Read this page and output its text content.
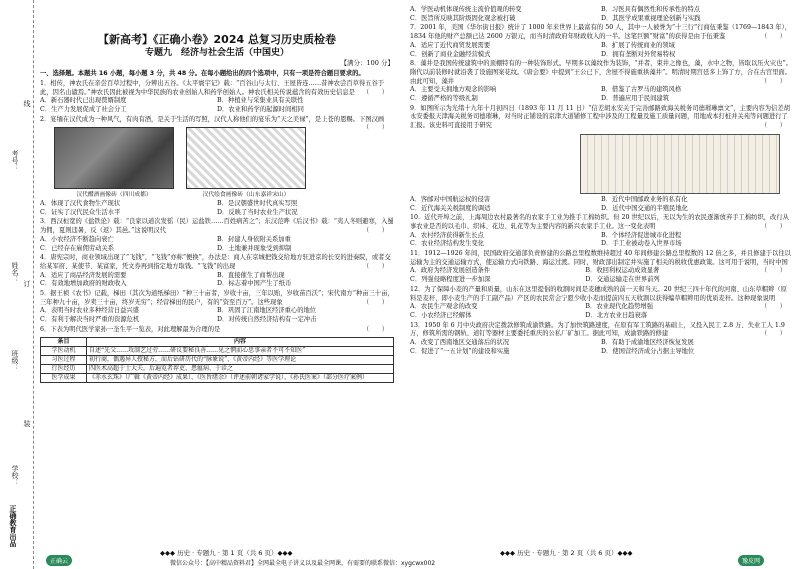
考号：
姓名：
班级：
学校：
线
订
装
正确教育出品
【新高考】《正确小卷》2024 总复习历史质检卷
专题九　经济与社会生活（中国史）
【满分：100 分】

一、选择题。本题共 16 小题，每小题 3 分，共 48 分。在每小题给出的四个选项中，只有一项是符合题目要求的。

1．相传，神农氏在亲尝百草过程中，分辨出五谷。《太平寰宇记》载：“百谷山与太行、王屋皆连……昔神农尝百草得五谷于此，因名山谴焉。”神农氏因此被视为中华民族的农业创始人和药学创始人。神农氏相关传说蕴含的有效历史信息是 （　　）

A．新石器时代已出现赘婿制度	B．种植业与采集业具有关联性
C．生产力发展促成了社会分工	D．农业和药学的起源时间相同

2．宴缅在汉代成为一种风气，有肉有酒，是关于生活的写照，汉代人称他们的宴乐为“天之美禄”，是上苍的恩赐。下图汉画
（　　）

汉代醴酒画像砖（四川成都）	汉代绘食画像砖（山东嘉祥宋山）
A．体现了汉代食物生产现状	B．是汉朝盛世时代真实写照
C．证实了汉代民众生活水平	D．反映了当时农业生产状况

3．西汉桓宽的《盐铁论》载：“良家以道次发徭（民）运盐铁……百姓病苦之”；东汉范晔《后汉书》载：“夷人冬则避寒，入蜀为佣，夏则违暑，反（返）其邑。”这说明汉代	（　　）

A．小农经济不断趋向衰亡	B．封建人身依附关系加重
C．已经存在雇佣劳动关系	D．土地兼并现象受到抑制

4．唐宪宗时，商业领域出现了“飞钱”，“飞钱”亦称“便换”，办法是：商人在京城把钱交给地方驻进京的长安的进奏院，或者交给某军府、某使节、某富家，凭文券再到指定地方取钱。“飞钱”的出现	（　　）

A．适应了商品经济发展的需要	B．直接催生了商帮出现
C．有效地增加政府的财政收入	D．标志着中国产生了纸币

5．据王祯《农书》记载，梯田（其次为道纸梯田）“种三十亩者，岁收十亩，三年以贻，岁收苗百沃”；宋代南方“种亩三十亩，三年种九十亩，岁卖三十亩，终岁无穷”；经营梯田的民户，有的“资至百万”。这些现象	（　　）

A．表明当时农业多种经营日益兴盛	B．巩固了江南地区经济重心的地位
C．有利于解决当时严重的资源危机	D．对传统自然经济结构有一定冲击

6．下表为明代医学家孙一奎生平一览表，对此理解最为合理的是	（　　）

条目	内容
学医动机	自述“先父……攻制艺过劳……研议要秘良善……见之惘而心思事亲者不可不知医”
习医过程	初行商，偶遇异人授秘方，而后钻研历代的“脉象说”、《黄帝内经》等医学理论
行医经历	四医术高超于士大夫，后遍览者荐吏、患瘟病、于诊之
医学成果	《赤水玄珠》（广辑《黄帝内经》成果）、《医旨绪余》（评述前朝诸家学说）、《孙氏医案》（部分医疗案例）
A．学医动机体现传统主流价值观的转变	B．习医具有偶然性和传承性的特点
C．医旨所反映其阶级固化观念被打破	D．其医学成果重视理论创新与实践

7．2001 年，美国《华尔街日报》统计了 1000 年来世界上最富有的 50 人，其中一人被誉为“十三行”行商伍秉鉴（1769—1843 年），1834 年他的财产总额已达 2600 万银元，而当时清政府年财政收入的一半。这笔巨额“财富”的获得是由于伍秉鉴	（　　）

A．适应了近代商贸发展需要	B．扩展了传统商业的领域
C．创新了商业金融经营模式	D．拥有垄断对外贸易特权

8．藻井是我国传统建筑中的顶棚特有的一种装饰形式。早期多以藻纹作为装饰，“并者，束井之像也，藻，水中之物，皆取以压火灾也”。隋代以前装修时就沿袭了设施图案花纹。《唐会要》中提到“王公已下，舍屋不得施重拱藻井”。明清时期宫廷多上饰了方，合在古宫里面。由此可知，藻井	（　　）

A．主要受天拥地方观念的影响	B．借鉴了古罗马的建筑风格
C．遵循严格的等级礼制	D．普遍应用于民间建筑

9．如图所示为光绪十九年十月初四日（1893 年 11 月 11 日）“信差胡永安关于完善邮路致海关税务司德璀琳禀文”，主要内容为信差胡永安委报天津海关税务司德璀琳，对当时正铺设的京津大道铺修工程中涉及的工程量及施工质量问题，用地成本打桩并关苑等问题进行了汇报。该史料可直接用于研究	（　　）

A．客邮对中国航运权的侵害	B．近代中国邮政业务的私有化
C．近代海关关税制度的调适	D．近代中国交通的半殖民地化

10．近代开埠之前，上海周边农村最著名的农家手工业为推手工棉纺织。但 20 世纪以后，无以为生的农民逐渐放弃手工棉纺织，改行从事农业是否的以毛巾、织袜、花边、轧花等为主要内容的新兴农家手工业。这一变化表明	（　　）

A．农村经济获得新生长点	B．个体经济促进城市化进程
C．农业经济结构发生变化	D．手工业被动卷入世界市场

11．1912—1926 年间，民国政府交通部负责修建的公路总里程数维持超过 40 年间修建公路总里程数的 12 倍之多，并且修建于以往以运输为主的交通运输方式，使运输方式向铁路、海运过渡。同时，财政部出制定并实施了相关的税收优惠政策。这可用于说明，当时中国
（　　）

A．政府为经济发展创造条件	B．收回利权运动成效显著
C．列强侵略程度进一步加深	D．交通运输走在世界前列

12．为了保障小麦的产量和质量，山东在这里提倡的收割时间是麦穗成熟的前一天和当天。20 世纪三四十年代的河南、山东草帽辫（原料是麦秆，即小麦生产的手工副产品）产区的农民常会宁愿少收小麦而提前四五天收割以获得编草帽辫用的优质麦秆。这种现象说明
（　　）

A．农民生产观念的改变	B．农业现代化趋势增强
C．小农经济已经解体	D．北方农业日趋衰落

13．1950 年 6 月中央政府决定拨款修筑成渝铁路。为了加快筑路速度，在原有军工筑路的基础上，又投入民工 2.8 万、失业工人 1.9 万，修筑所需的钢轨、道钉等器材主要委托重庆的公私厂矿加工。据此可知，成渝铁路的修建	（　　）

A．改变了西南地区交通落后的状况	B．有助于成渝地区经济恢复发展
C．促进了“一五计划”的建设和实施	D．使国营经济成分占据主导地位
正确云
◆◆◆ 历史 · 专题九 · 第 1 页（共 6 页）◆◆◆	◆◆◆ 历史 · 专题九 · 第 2 页（共 6 页）◆◆◆
微信公众号：【高中精品资料君】全网最全电子讲义以及最全网课，有需要的联系微信：xygcwx002	豫皮网
